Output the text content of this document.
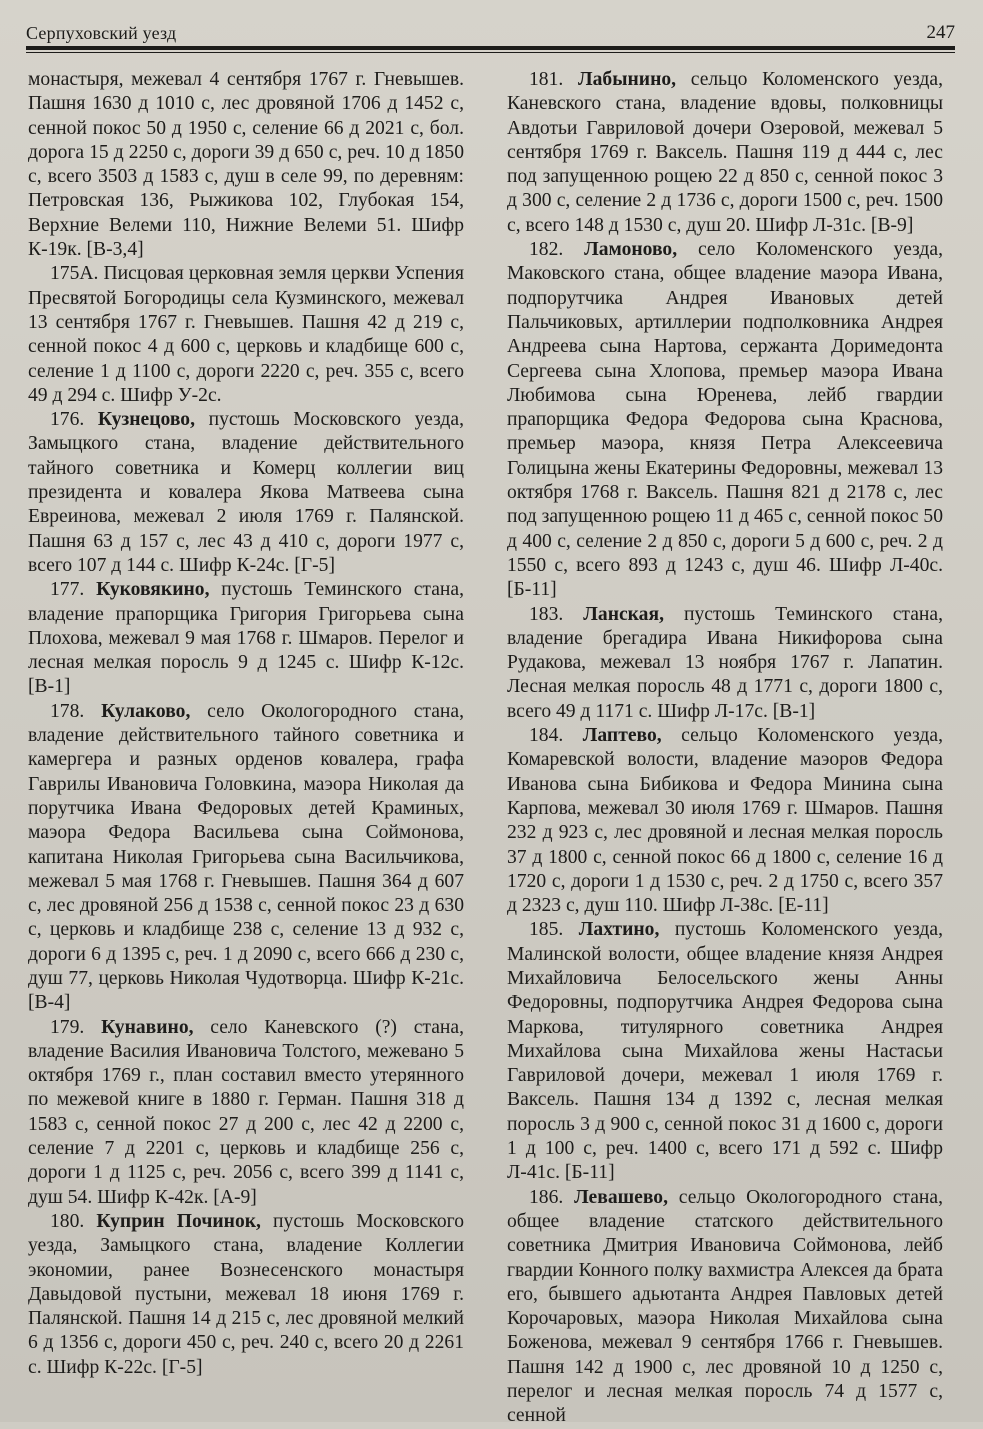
Серпуховский уезд	247

монастыря, межевал 4 сентября 1767 г. Гневышев. Пашня 1630 д 1010 с, лес дровяной 1706 д 1452 с, сенной покос 50 д 1950 с, селение 66 д 2021 с, бол. дорога 15 д 2250 с, дороги 39 д 650 с, реч. 10 д 1850 с, всего 3503 д 1583 с, душ в селе 99, по деревням: Петровская 136, Рыжикова 102, Глубокая 154, Верхние Велеми 110, Нижние Велеми 51. Шифр К-19к. [В-3,4]

175А. Писцовая церковная земля церкви Успения Пресвятой Богородицы села Кузминского, межевал 13 сентября 1767 г. Гневышев. Пашня 42 д 219 с, сенной покос 4 д 600 с, церковь и кладбище 600 с, селение 1 д 1100 с, дороги 2220 с, реч. 355 с, всего 49 д 294 с. Шифр У-2с.

176. Кузнецово, пустошь Московского уезда, Замыцкого стана, владение действительного тайного советника и Комерц коллегии виц президента и ковалера Якова Матвеева сына Евреинова, межевал 2 июля 1769 г. Палянской. Пашня 63 д 157 с, лес 43 д 410 с, дороги 1977 с, всего 107 д 144 с. Шифр К-24с. [Г-5]

177. Куковякино, пустошь Теминского стана, владение прапорщика Григория Григорьева сына Плохова, межевал 9 мая 1768 г. Шмаров. Перелог и лесная мелкая поросль 9 д 1245 с. Шифр К-12с. [В-1]

178. Кулаково, село Окологородного стана, владение действительного тайного советника и камергера и разных орденов ковалера, графа Гаврилы Ивановича Головкина, маэора Николая да порутчика Ивана Федоровых детей Краминых, маэора Федора Васильева сына Соймонова, капитана Николая Григорьева сына Васильчикова, межевал 5 мая 1768 г. Гневышев. Пашня 364 д 607 с, лес дровяной 256 д 1538 с, сенной покос 23 д 630 с, церковь и кладбище 238 с, селение 13 д 932 с, дороги 6 д 1395 с, реч. 1 д 2090 с, всего 666 д 230 с, душ 77, церковь Николая Чудотворца. Шифр К-21с. [В-4]

179. Кунавино, село Каневского (?) стана, владение Василия Ивановича Толстого, межевано 5 октября 1769 г., план составил вместо утерянного по межевой книге в 1880 г. Герман. Пашня 318 д 1583 с, сенной покос 27 д 200 с, лес 42 д 2200 с, селение 7 д 2201 с, церковь и кладбище 256 с, дороги 1 д 1125 с, реч. 2056 с, всего 399 д 1141 с, душ 54. Шифр К-42к. [А-9]

180. Куприн Починок, пустошь Московского уезда, Замыцкого стана, владение Коллегии экономии, ранее Вознесенского монастыря Давыдовой пустыни, межевал 18 июня 1769 г. Палянской. Пашня 14 д 215 с, лес дровяной мелкий 6 д 1356 с, дороги 450 с, реч. 240 с, всего 20 д 2261 с. Шифр К-22с. [Г-5]

181. Лабынино, сельцо Коломенского уезда, Каневского стана, владение вдовы, полковницы Авдотьи Гавриловой дочери Озеровой, межевал 5 сентября 1769 г. Ваксель. Пашня 119 д 444 с, лес под запущенною рощею 22 д 850 с, сенной покос 3 д 300 с, селение 2 д 1736 с, дороги 1500 с, реч. 1500 с, всего 148 д 1530 с, душ 20. Шифр Л-31с. [В-9]

182. Ламоново, село Коломенского уезда, Маковского стана, общее владение маэора Ивана, подпорутчика Андрея Ивановых детей Пальчиковых, артиллерии подполковника Андрея Андреева сына Нартова, сержанта Доримедонта Сергеева сына Хлопова, премьер маэора Ивана Любимова сына Юренева, лейб гвардии прапорщика Федора Федорова сына Краснова, премьер маэора, князя Петра Алексеевича Голицына жены Екатерины Федоровны, межевал 13 октября 1768 г. Ваксель. Пашня 821 д 2178 с, лес под запущенною рощею 11 д 465 с, сенной покос 50 д 400 с, селение 2 д 850 с, дороги 5 д 600 с, реч. 2 д 1550 с, всего 893 д 1243 с, душ 46. Шифр Л-40с. [Б-11]

183. Ланская, пустошь Теминского стана, владение брегадира Ивана Никифорова сына Рудакова, межевал 13 ноября 1767 г. Лапатин. Лесная мелкая поросль 48 д 1771 с, дороги 1800 с, всего 49 д 1171 с. Шифр Л-17с. [В-1]

184. Лаптево, сельцо Коломенского уезда, Комаревской волости, владение маэоров Федора Иванова сына Бибикова и Федора Минина сына Карпова, межевал 30 июля 1769 г. Шмаров. Пашня 232 д 923 с, лес дровяной и лесная мелкая поросль 37 д 1800 с, сенной покос 66 д 1800 с, селение 16 д 1720 с, дороги 1 д 1530 с, реч. 2 д 1750 с, всего 357 д 2323 с, душ 110. Шифр Л-38с. [Е-11]

185. Лахтино, пустошь Коломенского уезда, Малинской волости, общее владение князя Андрея Михайловича Белосельского жены Анны Федоровны, подпорутчика Андрея Федорова сына Маркова, титулярного советника Андрея Михайлова сына Михайлова жены Настасьи Гавриловой дочери, межевал 1 июля 1769 г. Ваксель. Пашня 134 д 1392 с, лесная мелкая поросль 3 д 900 с, сенной покос 31 д 1600 с, дороги 1 д 100 с, реч. 1400 с, всего 171 д 592 с. Шифр Л-41с. [Б-11]

186. Левашево, сельцо Окологородного стана, общее владение статского действительного советника Дмитрия Ивановича Соймонова, лейб гвардии Конного полку вахмистра Алексея да брата его, бывшего адьютанта Андрея Павловых детей Корочаровых, маэора Николая Михайлова сына Боженова, межевал 9 сентября 1766 г. Гневышев. Пашня 142 д 1900 с, лес дровяной 10 д 1250 с, перелог и лесная мелкая поросль 74 д 1577 с, сенной
